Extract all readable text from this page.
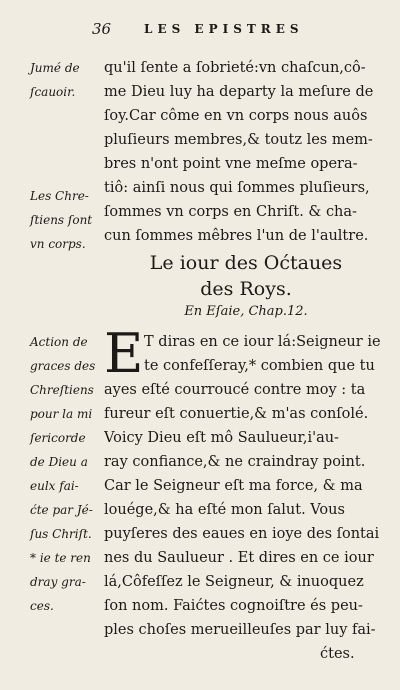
36	LES EPISTRES
Jumé de
ſcauoir.
Les Chre-
ſtiens ſont
vn corps.
Action de
graces des
Chreſtiens
pour la mi
ſericorde
de Dieu a
eulx fai-
ćte par Jé-
ſus Chriſt.
* ie te ren
dray gra-
ces.
qu'il ſente a ſobrieté:vn chaſcun,cô-
me Dieu luy ha departy la meſure de
ſoy.Car côme en vn corps nous auôs
pluſieurs membres,& toutz les mem-
bres n'ont point vne meſme opera-
tiô: ainſi nous qui ſommes pluſieurs,
ſommes vn corps en Chriſt. & cha-
cun ſommes mêbres l'un de l'aultre.
Le iour des Oćtaues
des Roys.
En Eſaie, Chap.12.
E T diras en ce iour lá:Seigneur ie
te confeſſeray,* combien que tu
ayes eſté courroucé contre moy : ta
fureur eſt conuertie,& m'as conſolé.
Voicy Dieu eſt mô Saulueur,i'au-
ray confiance,& ne craindray point.
Car le Seigneur eſt ma force, & ma
louége,& ha eſté mon ſalut. Vous
puyſeres des eaues en ioye des ſontai
nes du Saulueur . Et dires en ce iour
lá,Côfeſſez le Seigneur, & inuoquez
ſon nom. Faićtes cognoiſtre és peu-
ples choſes merueilleuſes par luy fai-
ćtes.
